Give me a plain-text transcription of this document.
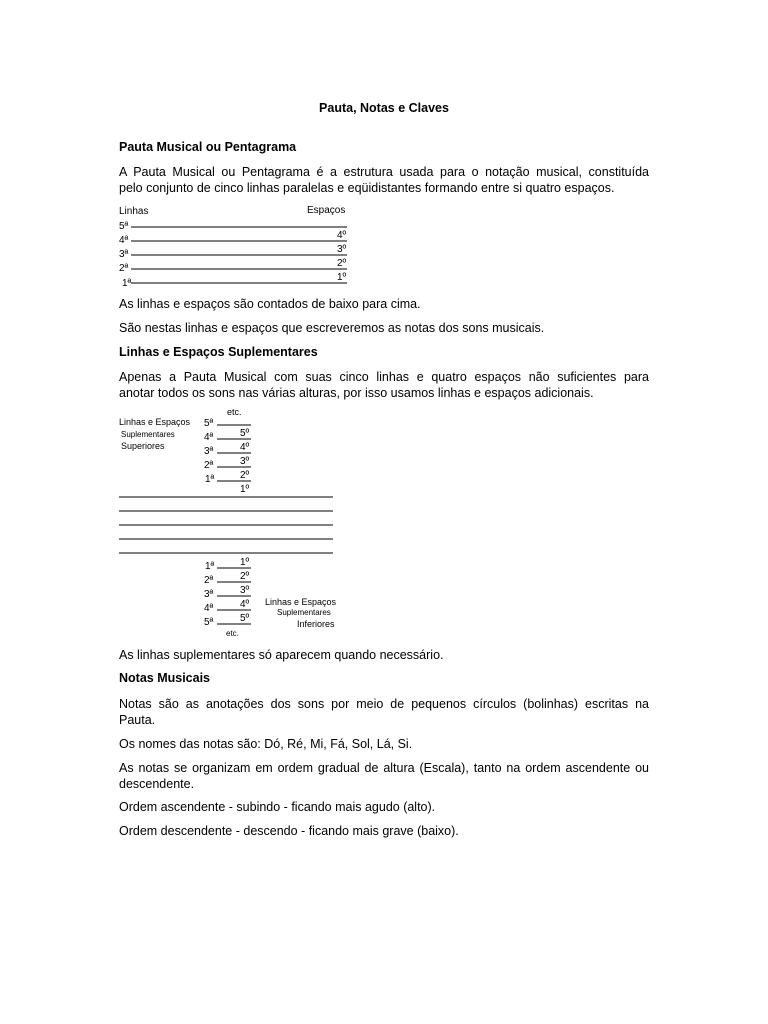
Pauta, Notas e Claves
Pauta Musical ou Pentagrama
A Pauta Musical ou Pentagrama é a estrutura usada para o notação musical, constituída
pelo conjunto de cinco linhas paralelas e eqüidistantes formando entre si quatro espaços.
Linhas	Espaços
5ª
4ª
3ª
2ª
1ª
4º
3º
2º
1º
As linhas e espaços são contados de baixo para cima.
São nestas linhas e espaços que escreveremos as notas dos sons musicais.
Linhas e Espaços Suplementares
Apenas a Pauta Musical com suas cinco linhas e quatro espaços não suficientes para
anotar todos os sons nas várias alturas, por isso usamos linhas e espaços adicionais.
etc.
Linhas e Espaços
Suplementares
Superiores
5ª
4ª
3ª
2ª
1ª
5º
4º
3º
2º
1º
1ª
2ª
3ª
4ª
5ª
1º
2º
3º
4º
5º
Linhas e Espaços
Suplementares
Inferiores
etc.
As linhas suplementares só aparecem quando necessário.
Notas Musicais
Notas são as anotações dos sons por meio de pequenos círculos (bolinhas) escritas na
Pauta.
Os nomes das notas são: Dó, Ré, Mi, Fá, Sol, Lá, Si.
As notas se organizam em ordem gradual de altura (Escala), tanto na ordem ascendente ou
descendente.
Ordem ascendente - subindo - ficando mais agudo (alto).
Ordem descendente - descendo - ficando mais grave (baixo).
